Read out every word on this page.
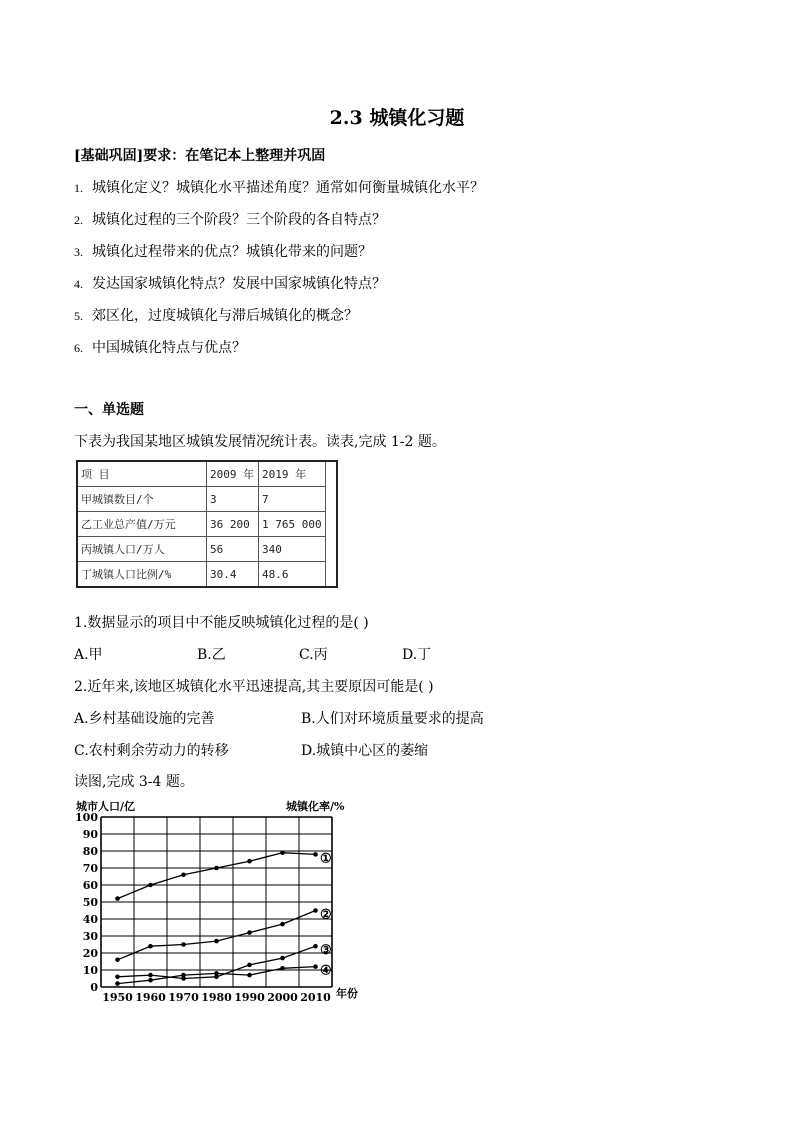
2.3 城镇化习题
[基础巩固]要求：在笔记本上整理并巩固
1. 城镇化定义？城镇化水平描述角度？通常如何衡量城镇化水平？
2. 城镇化过程的三个阶段？三个阶段的各自特点？
3. 城镇化过程带来的优点？城镇化带来的问题？
4. 发达国家城镇化特点？发展中国家城镇化特点？
5. 郊区化，过度城镇化与滞后城镇化的概念？
6. 中国城镇化特点与优点？
一、单选题
下表为我国某地区城镇发展情况统计表。读表,完成 1-2 题。
项 目	2009 年	2019 年	
甲城镇数目/个	3	7	
乙工业总产值/万元	36 200	1 765 000	
丙城镇人口/万人	56	340	
丁城镇人口比例/%	30.4	48.6	
1.数据显示的项目中不能反映城镇化过程的是( )
A.甲	B.乙	C.丙	D.丁
2.近年来,该地区城镇化水平迅速提高,其主要原因可能是( )
A.乡村基础设施的完善	B.人们对环境质量要求的提高
C.农村剩余劳动力的转移	D.城镇中心区的萎缩
读图,完成 3-4 题。
城市人口/亿	城镇化率/%
年份
0
10
20
30
40
50
60
70
80
90
100
1950 1960 1970 1980 1990 2000 2010
①
②
③
④
